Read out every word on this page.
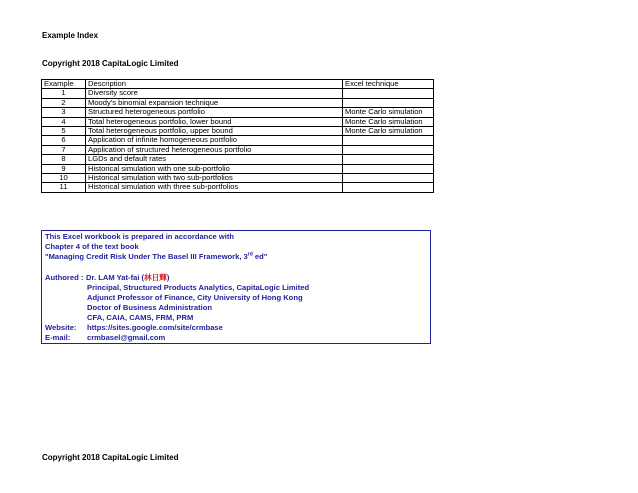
Example Index
Copyright 2018 CapitaLogic Limited
Example	Description	Excel technique
1	Diversity score	
2	Moody's binomial expansion technique	
3	Structured heterogeneous portfolio	Monte Carlo simulation
4	Total heterogeneous portfolio, lower bound	Monte Carlo simulation
5	Total heterogeneous portfolio, upper bound	Monte Carlo simulation
6	Application of infinite homogeneous portfolio	
7	Application of structured heterogeneous portfolio	
8	LGDs and default rates	
9	Historical simulation with one sub-portfolio	
10	Historical simulation with two sub-portfolios	
11	Historical simulation with three sub-portfolios	
This Excel workbook is prepared in accordance with
Chapter 4 of the text book
"Managing Credit Risk Under The Basel III Framework, 3rd ed"
Authored : Dr. LAM Yat-fai (林日輝)
Principal, Structured Products Analytics, CapitaLogic Limited
Adjunct Professor of Finance, City University of Hong Kong
Doctor of Business Administration
CFA, CAIA, CAMS, FRM, PRM
Website: https://sites.google.com/site/crmbase
E-mail: crmbasel@gmail.com
Copyright 2018 CapitaLogic Limited
